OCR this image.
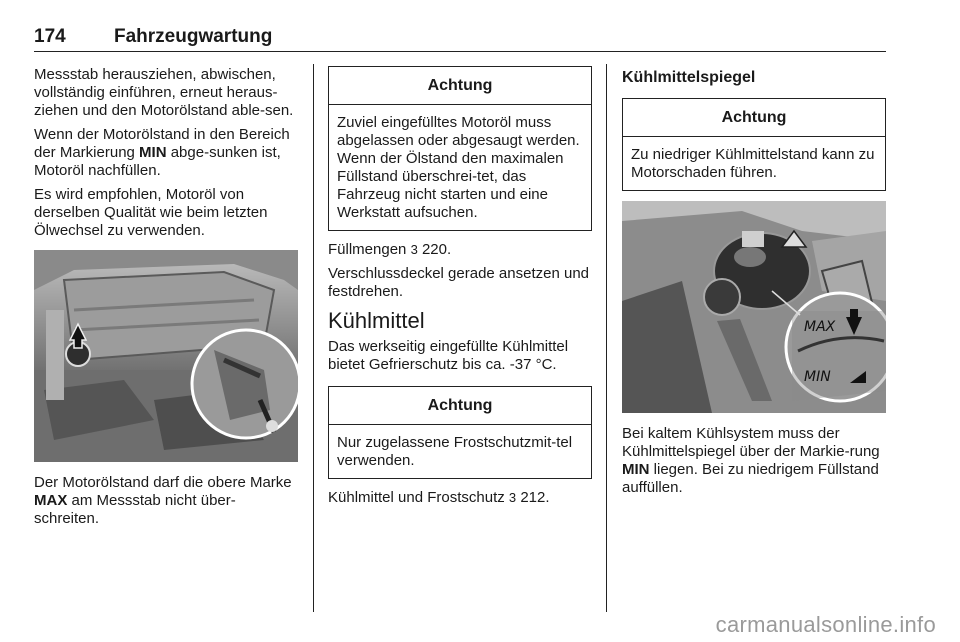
174	Fahrzeugwartung

Messstab herausziehen, abwischen, vollständig einführen, erneut heraus-ziehen und den Motorölstand able-sen.

Wenn der Motorölstand in den Bereich der Markierung MIN abge-sunken ist, Motoröl nachfüllen.

Es wird empfohlen, Motoröl von derselben Qualität wie beim letzten Ölwechsel zu verwenden.

Der Motorölstand darf die obere Marke MAX am Messstab nicht über-schreiten.

Achtung
Zuviel eingefülltes Motoröl muss abgelassen oder abgesaugt werden. Wenn der Ölstand den maximalen Füllstand überschrei-tet, das Fahrzeug nicht starten und eine Werkstatt aufsuchen.

Füllmengen 3 220.

Verschlussdeckel gerade ansetzen und festdrehen.

Kühlmittel

Das werkseitig eingefüllte Kühlmittel bietet Gefrierschutz bis ca. -37 °C.

Achtung
Nur zugelassene Frostschutzmit-tel verwenden.

Kühlmittel und Frostschutz 3 212.

Kühlmittelspiegel
Achtung
Zu niedriger Kühlmittelstand kann zu Motorschaden führen.
MAX
MIN

Bei kaltem Kühlsystem muss der Kühlmittelspiegel über der Markie-rung MIN liegen. Bei zu niedrigem Füllstand auffüllen.

carmanualsonline.info
